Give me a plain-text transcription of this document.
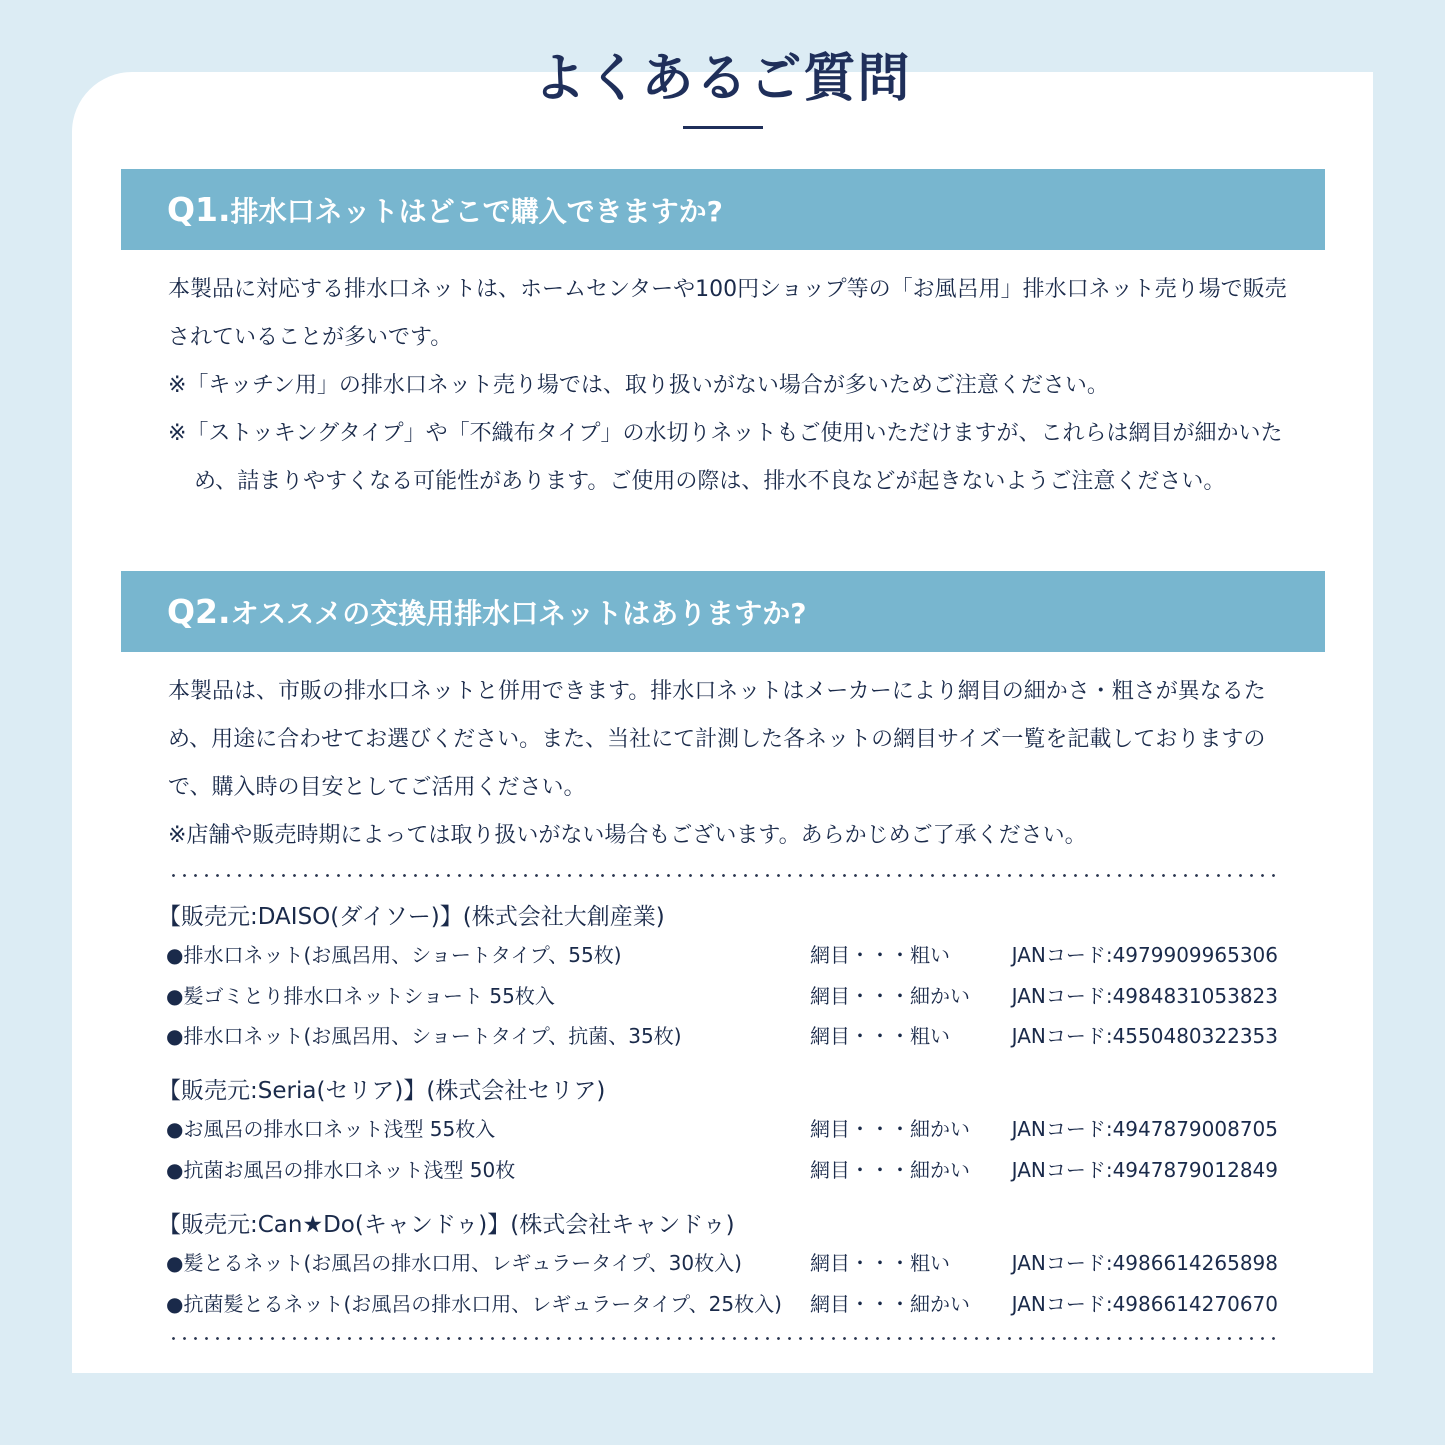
よくあるご質問
Q1.排水口ネットはどこで購入できますか?

本製品に対応する排水口ネットは、ホームセンターや100円ショップ等の「お風呂用」排水口ネット売り場で販売されていることが多いです。

※「キッチン用」の排水口ネット売り場では、取り扱いがない場合が多いためご注意ください。

※「ストッキングタイプ」や「不織布タイプ」の水切りネットもご使用いただけますが、これらは網目が細かいため、詰まりやすくなる可能性があります。ご使用の際は、排水不良などが起きないようご注意ください。

Q2.オススメの交換用排水口ネットはありますか?

本製品は、市販の排水口ネットと併用できます。排水口ネットはメーカーにより網目の細かさ・粗さが異なるため、用途に合わせてお選びください。また、当社にて計測した各ネットの網目サイズ一覧を記載しておりますので、購入時の目安としてご活用ください。

※店舗や販売時期によっては取り扱いがない場合もございます。あらかじめご了承ください。

【販売元:DAISO(ダイソー)】(株式会社大創産業)
●排水口ネット(お風呂用、ショートタイプ、55枚)	網目・・・粗い	JANコード:4979909965306
●髪ゴミとり排水口ネットショート 55枚入	網目・・・細かい JANコード:4984831053823
●排水口ネット(お風呂用、ショートタイプ、抗菌、35枚)	網目・・・粗い	JANコード:4550480322353
【販売元:Seria(セリア)】(株式会社セリア)
●お風呂の排水口ネット浅型 55枚入	網目・・・細かい JANコード:4947879008705
●抗菌お風呂の排水口ネット浅型 50枚	網目・・・細かい JANコード:4947879012849
【販売元:Can★Do(キャンドゥ)】(株式会社キャンドゥ)
●髪とるネット(お風呂の排水口用、レギュラータイプ、30枚入)	網目・・・粗い	JANコード:4986614265898
●抗菌髪とるネット(お風呂の排水口用、レギュラータイプ、25枚入) 網目・・・細かい JANコード:4986614270670
